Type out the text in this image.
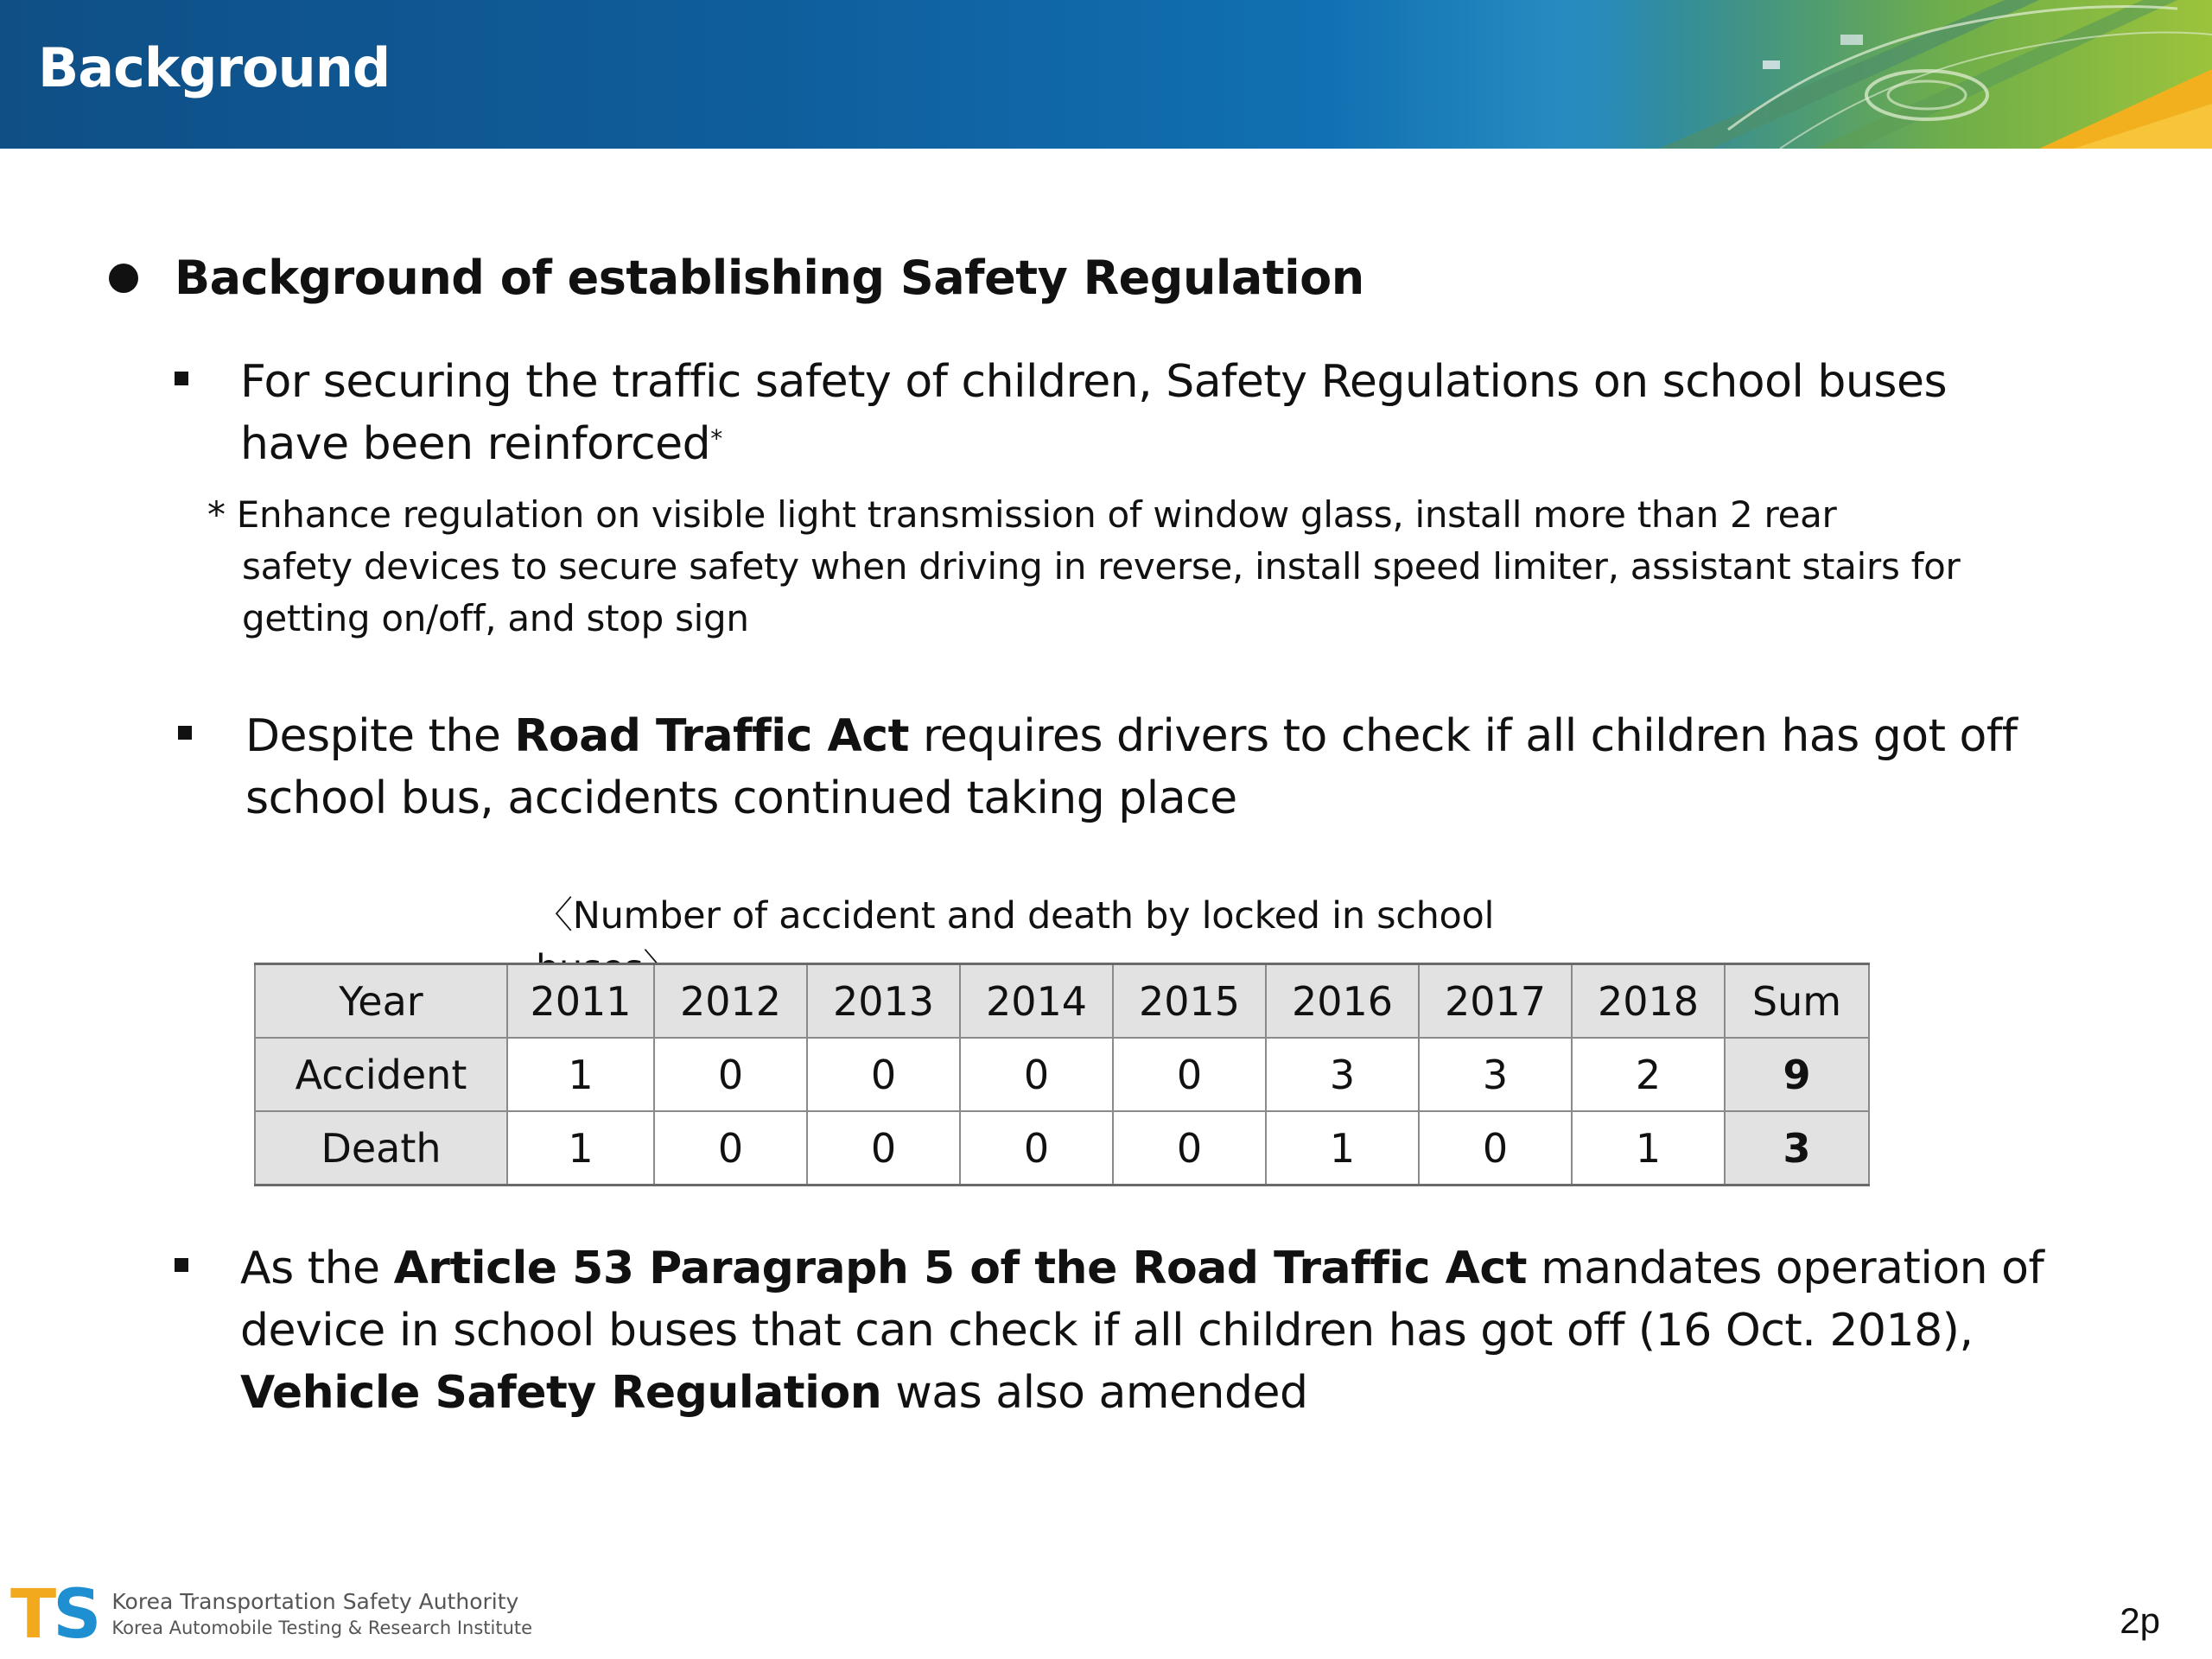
Background
Background of establishing Safety Regulation
For securing the traffic safety of children, Safety Regulations on school buses
have been reinforced*
* Enhance regulation on visible light transmission of window glass, install more than 2 rear
safety devices to secure safety when driving in reverse, install speed limiter, assistant stairs for
getting on/off, and stop sign
Despite the Road Traffic Act requires drivers to check if all children has got off
school bus, accidents continued taking place
〈Number of accident and death by locked in school
Year	2011	2012	2013	2014	2015	2016	2017	2018	Sum
Accident	1	0	0	0	0	3	3	2	9
Death	1	0	0	0	0	1	0	1	3
As the Article 53 Paragraph 5 of the Road Traffic Act mandates operation of
device in school buses that can check if all children has got off (16 Oct. 2018),
Vehicle Safety Regulation was also amended
TS Korea Transportation Safety Authority
Korea Automobile Testing & Research Institute	2p
